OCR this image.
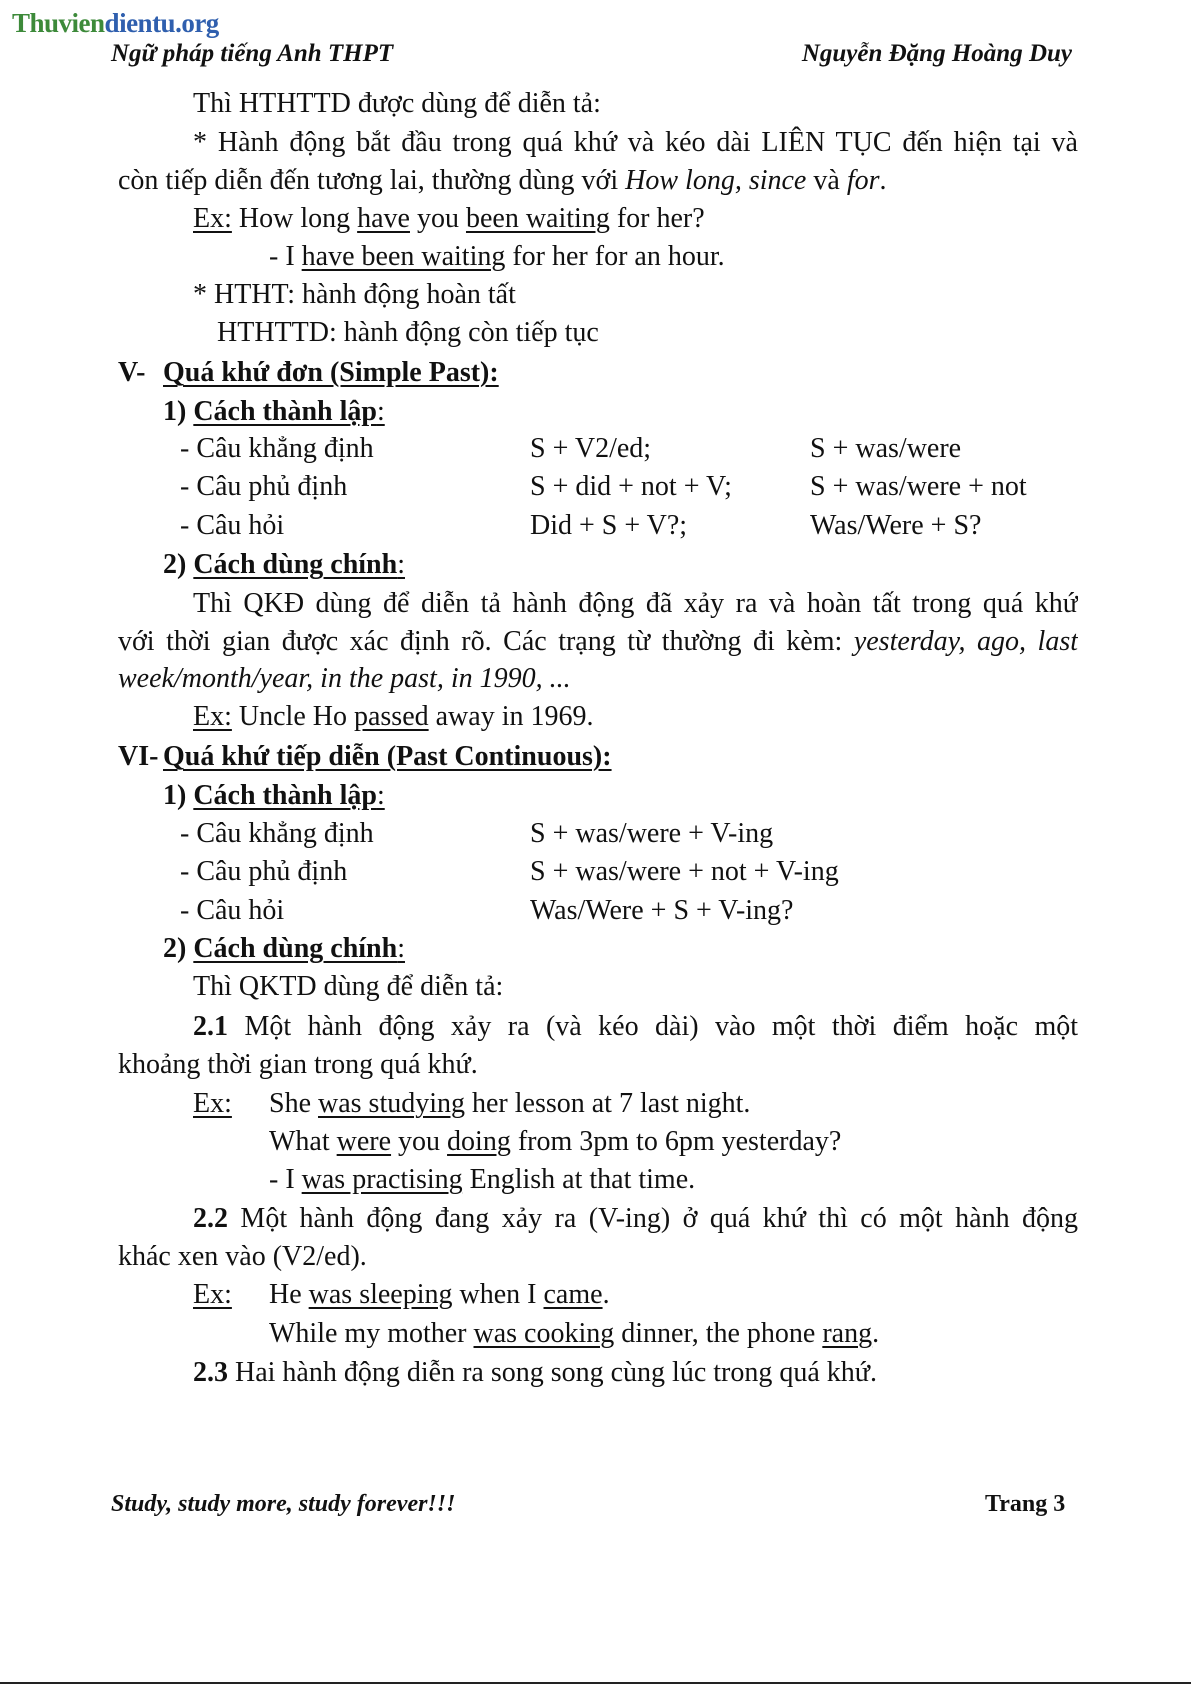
Thuviendientu.org
Ngữ pháp tiếng Anh THPT	Nguyễn Đặng Hoàng Duy
Thì HTHTTD được dùng để diễn tả:
* Hành động bắt đầu trong quá khứ và kéo dài LIÊN TỤC đến hiện tại và
còn tiếp diễn đến tương lai, thường dùng với How long, since và for.
Ex: How long have you been waiting for her?
- I have been waiting for her for an hour.
* HTHT: hành động hoàn tất
HTHTTD: hành động còn tiếp tục
V- Quá khứ đơn (Simple Past):
1) Cách thành lập:
- Câu khẳng định	S + V2/ed;	S + was/were
- Câu phủ định	S + did + not + V;	S + was/were + not
- Câu hỏi	Did + S + V?;	Was/Were + S?
2) Cách dùng chính:
Thì QKĐ dùng để diễn tả hành động đã xảy ra và hoàn tất trong quá khứ
với thời gian được xác định rõ. Các trạng từ thường đi kèm: yesterday, ago, last
week/month/year, in the past, in 1990, ...
Ex: Uncle Ho passed away in 1969.
VI- Quá khứ tiếp diễn (Past Continuous):
1) Cách thành lập:
- Câu khẳng định	S + was/were + V-ing
- Câu phủ định	S + was/were + not + V-ing
- Câu hỏi	Was/Were + S + V-ing?
2) Cách dùng chính:
Thì QKTD dùng để diễn tả:
2.1 Một hành động xảy ra (và kéo dài) vào một thời điểm hoặc một
khoảng thời gian trong quá khứ.
Ex: She was studying her lesson at 7 last night.
What were you doing from 3pm to 6pm yesterday?
- I was practising English at that time.
2.2 Một hành động đang xảy ra (V-ing) ở quá khứ thì có một hành động
khác xen vào (V2/ed).
Ex: He was sleeping when I came.
While my mother was cooking dinner, the phone rang.
2.3 Hai hành động diễn ra song song cùng lúc trong quá khứ.
Study, study more, study forever!!!	Trang 3
